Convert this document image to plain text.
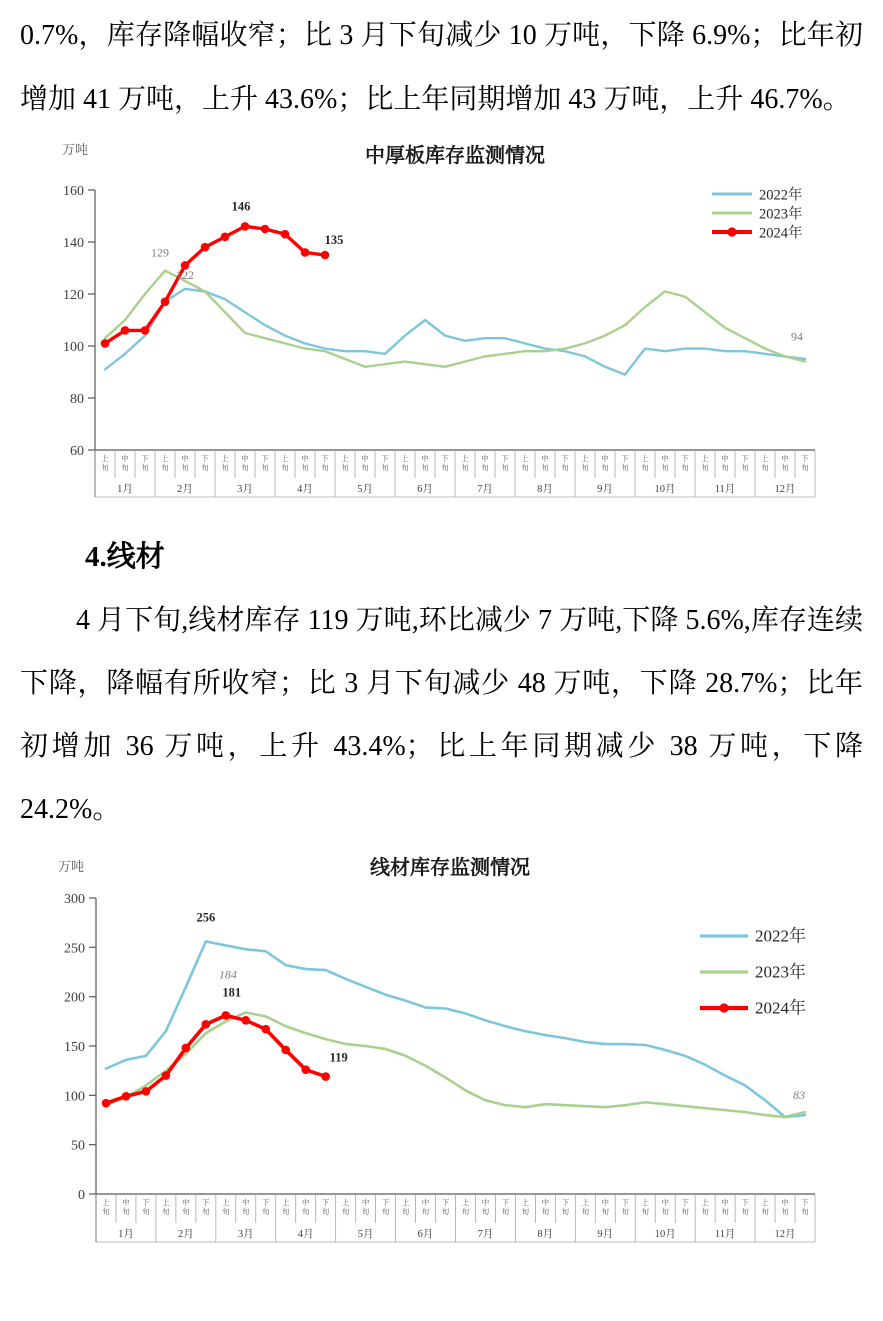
0.7%，库存降幅收窄；比 3 月下旬减少 10 万吨，下降 6.9%；比年初增加 41 万吨，上升 43.6%；比上年同期增加 43 万吨，上升 46.7%。

中厚板库存监测情况
万吨
160
140
120
100
80
60 上旬
中旬
下旬
上旬
中旬
下旬
上旬
中旬
下旬
上旬
中旬
下旬
上旬
中旬
下旬
上旬
中旬
下旬
上旬
中旬
下旬
上旬
中旬
下旬
上旬
中旬
下旬
上旬
中旬
下旬
上旬
中旬
下旬
上旬
中旬
下旬
1月	2月	3月	4月	5月	6月	7月	8月	9月	10月	11月	12月
2022年
2023年
2024年
129
122
146
135
94
4.线材

4 月下旬,线材库存 119 万吨,环比减少 7 万吨,下降 5.6%,库存连续下降，降幅有所收窄；比 3 月下旬减少 48 万吨，下降 28.7%；比年初增加 36 万吨，上升 43.4%；比上年同期减少 38 万吨，下降 24.2%。

线材库存监测情况
万吨
300
250
200
150
100
50
0 上旬
中旬
下旬
上旬
中旬
下旬
上旬
中旬
下旬
上旬
中旬
下旬
上旬
中旬
下旬
上旬
中旬
下旬
上旬
中旬
下旬
上旬
中旬
下旬
上旬
中旬
下旬
上旬
中旬
下旬
上旬
中旬
下旬
上旬
中旬
下旬
1月	2月	3月	4月	5月	6月	7月	8月	9月	10月	11月	12月
2022年
2023年
2024年
256
184
181
119
83
